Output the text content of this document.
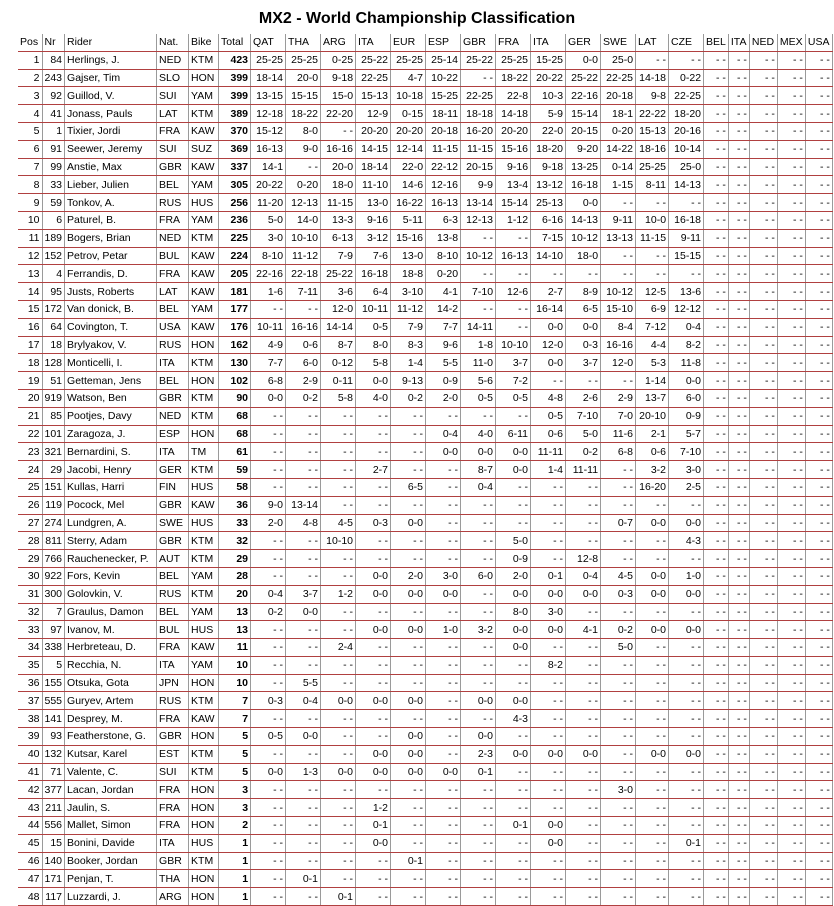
MX2 - World Championship Classification
Pos	Nr	Rider	Nat.	Bike	Total	QAT	THA	ARG	ITA	EUR	ESP	GBR	FRA	ITA	GER	SWE	LAT	CZE	BEL	ITA	NED	MEX	USA
1	84	Herlings, J.	NED	KTM	423	25-25	25-25	0-25	25-22	25-25	25-14	25-22	25-25	15-25	0-0	25-0	- -	- -	- -	- -	- -	- -	- -
2	243	Gajser, Tim	SLO	HON	399	18-14	20-0	9-18	22-25	4-7	10-22	- -	18-22	20-22	25-22	22-25	14-18	0-22	- -	- -	- -	- -	- -
3	92	Guillod, V.	SUI	YAM	399	13-15	15-15	15-0	15-13	10-18	15-25	22-25	22-8	10-3	22-16	20-18	9-8	22-25	- -	- -	- -	- -	- -
4	41	Jonass, Pauls	LAT	KTM	389	12-18	18-22	22-20	12-9	0-15	18-11	18-18	14-18	5-9	15-14	18-1	22-22	18-20	- -	- -	- -	- -	- -
5	1	Tixier, Jordi	FRA	KAW	370	15-12	8-0	- -	20-20	20-20	20-18	16-20	20-20	22-0	20-15	0-20	15-13	20-16	- -	- -	- -	- -	- -
6	91	Seewer, Jeremy	SUI	SUZ	369	16-13	9-0	16-16	14-15	12-14	11-15	11-15	15-16	18-20	9-20	14-22	18-16	10-14	- -	- -	- -	- -	- -
7	99	Anstie, Max	GBR	KAW	337	14-1	- -	20-0	18-14	22-0	22-12	20-15	9-16	9-18	13-25	0-14	25-25	25-0	- -	- -	- -	- -	- -
8	33	Lieber, Julien	BEL	YAM	305	20-22	0-20	18-0	11-10	14-6	12-16	9-9	13-4	13-12	16-18	1-15	8-11	14-13	- -	- -	- -	- -	- -
9	59	Tonkov, A.	RUS	HUS	256	11-20	12-13	11-15	13-0	16-22	16-13	13-14	15-14	25-13	0-0	- -	- -	- -	- -	- -	- -	- -	- -
10	6	Paturel, B.	FRA	YAM	236	5-0	14-0	13-3	9-16	5-11	6-3	12-13	1-12	6-16	14-13	9-11	10-0	16-18	- -	- -	- -	- -	- -
11	189	Bogers, Brian	NED	KTM	225	3-0	10-10	6-13	3-12	15-16	13-8	- -	- -	7-15	10-12	13-13	11-15	9-11	- -	- -	- -	- -	- -
12	152	Petrov, Petar	BUL	KAW	224	8-10	11-12	7-9	7-6	13-0	8-10	10-12	16-13	14-10	18-0	- -	- -	15-15	- -	- -	- -	- -	- -
13	4	Ferrandis, D.	FRA	KAW	205	22-16	22-18	25-22	16-18	18-8	0-20	- -	- -	- -	- -	- -	- -	- -	- -	- -	- -	- -	- -
14	95	Justs, Roberts	LAT	KAW	181	1-6	7-11	3-6	6-4	3-10	4-1	7-10	12-6	2-7	8-9	10-12	12-5	13-6	- -	- -	- -	- -	- -
15	172	Van donick, B.	BEL	YAM	177	- -	- -	12-0	10-11	11-12	14-2	- -	- -	16-14	6-5	15-10	6-9	12-12	- -	- -	- -	- -	- -
16	64	Covington, T.	USA	KAW	176	10-11	16-16	14-14	0-5	7-9	7-7	14-11	- -	0-0	0-0	8-4	7-12	0-4	- -	- -	- -	- -	- -
17	18	Brylyakov, V.	RUS	HON	162	4-9	0-6	8-7	8-0	8-3	9-6	1-8	10-10	12-0	0-3	16-16	4-4	8-2	- -	- -	- -	- -	- -
18	128	Monticelli, I.	ITA	KTM	130	7-7	6-0	0-12	5-8	1-4	5-5	11-0	3-7	0-0	3-7	12-0	5-3	11-8	- -	- -	- -	- -	- -
19	51	Getteman, Jens	BEL	HON	102	6-8	2-9	0-11	0-0	9-13	0-9	5-6	7-2	- -	- -	- -	1-14	0-0	- -	- -	- -	- -	- -
20	919	Watson, Ben	GBR	KTM	90	0-0	0-2	5-8	4-0	0-2	2-0	0-5	0-5	4-8	2-6	2-9	13-7	6-0	- -	- -	- -	- -	- -
21	85	Pootjes, Davy	NED	KTM	68	- -	- -	- -	- -	- -	- -	- -	- -	0-5	7-10	7-0	20-10	0-9	- -	- -	- -	- -	- -
22	101	Zaragoza, J.	ESP	HON	68	- -	- -	- -	- -	- -	0-4	4-0	6-11	0-6	5-0	11-6	2-1	5-7	- -	- -	- -	- -	- -
23	321	Bernardini, S.	ITA	TM	61	- -	- -	- -	- -	- -	0-0	0-0	0-0	11-11	0-2	6-8	0-6	7-10	- -	- -	- -	- -	- -
24	29	Jacobi, Henry	GER	KTM	59	- -	- -	- -	2-7	- -	- -	8-7	0-0	1-4	11-11	- -	3-2	3-0	- -	- -	- -	- -	- -
25	151	Kullas, Harri	FIN	HUS	58	- -	- -	- -	- -	6-5	- -	0-4	- -	- -	- -	- -	16-20	2-5	- -	- -	- -	- -	- -
26	119	Pocock, Mel	GBR	KAW	36	9-0	13-14	- -	- -	- -	- -	- -	- -	- -	- -	- -	- -	- -	- -	- -	- -	- -	- -
27	274	Lundgren, A.	SWE	HUS	33	2-0	4-8	4-5	0-3	0-0	- -	- -	- -	- -	- -	0-7	0-0	0-0	- -	- -	- -	- -	- -
28	811	Sterry, Adam	GBR	KTM	32	- -	- -	10-10	- -	- -	- -	- -	5-0	- -	- -	- -	- -	4-3	- -	- -	- -	- -	- -
29	766	Rauchenecker, P.	AUT	KTM	29	- -	- -	- -	- -	- -	- -	- -	0-9	- -	12-8	- -	- -	- -	- -	- -	- -	- -	- -
30	922	Fors, Kevin	BEL	YAM	28	- -	- -	- -	0-0	2-0	3-0	6-0	2-0	0-1	0-4	4-5	0-0	1-0	- -	- -	- -	- -	- -
31	300	Golovkin, V.	RUS	KTM	20	0-4	3-7	1-2	0-0	0-0	0-0	- -	0-0	0-0	0-0	0-3	0-0	0-0	- -	- -	- -	- -	- -
32	7	Graulus, Damon	BEL	YAM	13	0-2	0-0	- -	- -	- -	- -	- -	8-0	3-0	- -	- -	- -	- -	- -	- -	- -	- -	- -
33	97	Ivanov, M.	BUL	HUS	13	- -	- -	- -	0-0	0-0	1-0	3-2	0-0	0-0	4-1	0-2	0-0	0-0	- -	- -	- -	- -	- -
34	338	Herbreteau, D.	FRA	KAW	11	- -	- -	2-4	- -	- -	- -	- -	0-0	- -	- -	5-0	- -	- -	- -	- -	- -	- -	- -
35	5	Recchia, N.	ITA	YAM	10	- -	- -	- -	- -	- -	- -	- -	- -	8-2	- -	- -	- -	- -	- -	- -	- -	- -	- -
36	155	Otsuka, Gota	JPN	HON	10	- -	5-5	- -	- -	- -	- -	- -	- -	- -	- -	- -	- -	- -	- -	- -	- -	- -	- -
37	555	Guryev, Artem	RUS	KTM	7	0-3	0-4	0-0	0-0	0-0	- -	0-0	0-0	- -	- -	- -	- -	- -	- -	- -	- -	- -	- -
38	141	Desprey, M.	FRA	KAW	7	- -	- -	- -	- -	- -	- -	- -	4-3	- -	- -	- -	- -	- -	- -	- -	- -	- -	- -
39	93	Featherstone, G.	GBR	HON	5	0-5	0-0	- -	- -	0-0	- -	0-0	- -	- -	- -	- -	- -	- -	- -	- -	- -	- -	- -
40	132	Kutsar, Karel	EST	KTM	5	- -	- -	- -	0-0	0-0	- -	2-3	0-0	0-0	0-0	- -	0-0	0-0	- -	- -	- -	- -	- -
41	71	Valente, C.	SUI	KTM	5	0-0	1-3	0-0	0-0	0-0	0-0	0-1	- -	- -	- -	- -	- -	- -	- -	- -	- -	- -	- -
42	377	Lacan, Jordan	FRA	HON	3	- -	- -	- -	- -	- -	- -	- -	- -	- -	- -	3-0	- -	- -	- -	- -	- -	- -	- -
43	211	Jaulin, S.	FRA	HON	3	- -	- -	- -	1-2	- -	- -	- -	- -	- -	- -	- -	- -	- -	- -	- -	- -	- -	- -
44	556	Mallet, Simon	FRA	HON	2	- -	- -	- -	0-1	- -	- -	- -	0-1	0-0	- -	- -	- -	- -	- -	- -	- -	- -	- -
45	15	Bonini, Davide	ITA	HUS	1	- -	- -	- -	0-0	- -	- -	- -	- -	0-0	- -	- -	- -	0-1	- -	- -	- -	- -	- -
46	140	Booker, Jordan	GBR	KTM	1	- -	- -	- -	- -	0-1	- -	- -	- -	- -	- -	- -	- -	- -	- -	- -	- -	- -	- -
47	171	Penjan, T.	THA	HON	1	- -	0-1	- -	- -	- -	- -	- -	- -	- -	- -	- -	- -	- -	- -	- -	- -	- -	- -
48	117	Luzzardi, J.	ARG	HON	1	- -	- -	0-1	- -	- -	- -	- -	- -	- -	- -	- -	- -	- -	- -	- -	- -	- -	- -
